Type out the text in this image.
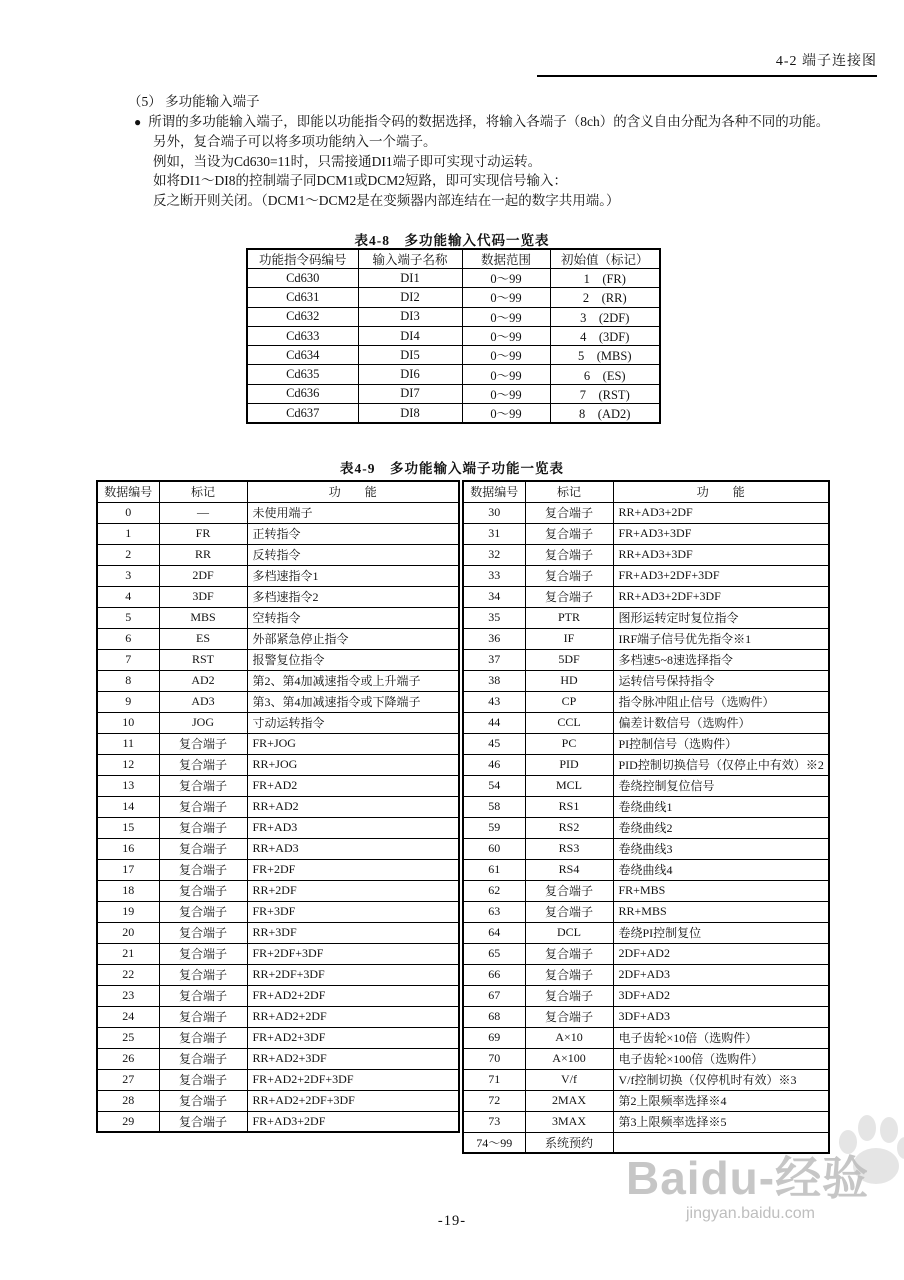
4-2 端子连接图
（5） 多功能输入端子
● 所谓的多功能输入端子，即能以功能指令码的数据选择，将输入各端子（8ch）的含义自由分配为各种不同的功能。
另外，复合端子可以将多项功能纳入一个端子。
例如，当设为Cd630=11时，只需接通DI1端子即可实现寸动运转。
如将DI1～DI8的控制端子同DCM1或DCM2短路，即可实现信号输入：
反之断开则关闭。（DCM1～DCM2是在变频器内部连结在一起的数字共用端。）
表4-8　多功能输入代码一览表
功能指令码编号	输入端子名称	数据范围	初始值（标记）
Cd630	DI1	0～99	1　(FR)
Cd631	DI2	0～99	2　(RR)
Cd632	DI3	0～99	3　(2DF)
Cd633	DI4	0～99	4　(3DF)
Cd634	DI5	0～99	5　(MBS)
Cd635	DI6	0～99	6　(ES)
Cd636	DI7	0～99	7　(RST)
Cd637	DI8	0～99	8　(AD2)
表4-9　多功能输入端子功能一览表
数据编号	标记	功　　能
0	—	未使用端子
1	FR	正转指令
2	RR	反转指令
3	2DF	多档速指令1
4	3DF	多档速指令2
5	MBS	空转指令
6	ES	外部紧急停止指令
7	RST	报警复位指令
8	AD2	第2、第4加减速指令或上升端子
9	AD3	第3、第4加减速指令或下降端子
10	JOG	寸动运转指令
11	复合端子	FR+JOG
12	复合端子	RR+JOG
13	复合端子	FR+AD2
14	复合端子	RR+AD2
15	复合端子	FR+AD3
16	复合端子	RR+AD3
17	复合端子	FR+2DF
18	复合端子	RR+2DF
19	复合端子	FR+3DF
20	复合端子	RR+3DF
21	复合端子	FR+2DF+3DF
22	复合端子	RR+2DF+3DF
23	复合端子	FR+AD2+2DF
24	复合端子	RR+AD2+2DF
25	复合端子	FR+AD2+3DF
26	复合端子	RR+AD2+3DF
27	复合端子	FR+AD2+2DF+3DF
28	复合端子	RR+AD2+2DF+3DF
29	复合端子	FR+AD3+2DF
数据编号	标记	功　　能
30	复合端子	RR+AD3+2DF
31	复合端子	FR+AD3+3DF
32	复合端子	RR+AD3+3DF
33	复合端子	FR+AD3+2DF+3DF
34	复合端子	RR+AD3+2DF+3DF
35	PTR	图形运转定时复位指令
36	IF	IRF端子信号优先指令※1
37	5DF	多档速5~8速选择指令
38	HD	运转信号保持指令
43	CP	指令脉冲阻止信号（选购件）
44	CCL	偏差计数信号（选购件）
45	PC	PI控制信号（选购件）
46	PID	PID控制切换信号（仅停止中有效）※2
54	MCL	卷绕控制复位信号
58	RS1	卷绕曲线1
59	RS2	卷绕曲线2
60	RS3	卷绕曲线3
61	RS4	卷绕曲线4
62	复合端子	FR+MBS
63	复合端子	RR+MBS
64	DCL	卷绕PI控制复位
65	复合端子	2DF+AD2
66	复合端子	2DF+AD3
67	复合端子	3DF+AD2
68	复合端子	3DF+AD3
69	A×10	电子齿轮×10倍（选购件）
70	A×100	电子齿轮×100倍（选购件）
71	V/f	V/f控制切换（仅停机时有效）※3
72	2MAX	第2上限频率选择※4
73	3MAX	第3上限频率选择※5
74～99	系统预约	
-19-
Baidu-经验
jingyan.baidu.com
